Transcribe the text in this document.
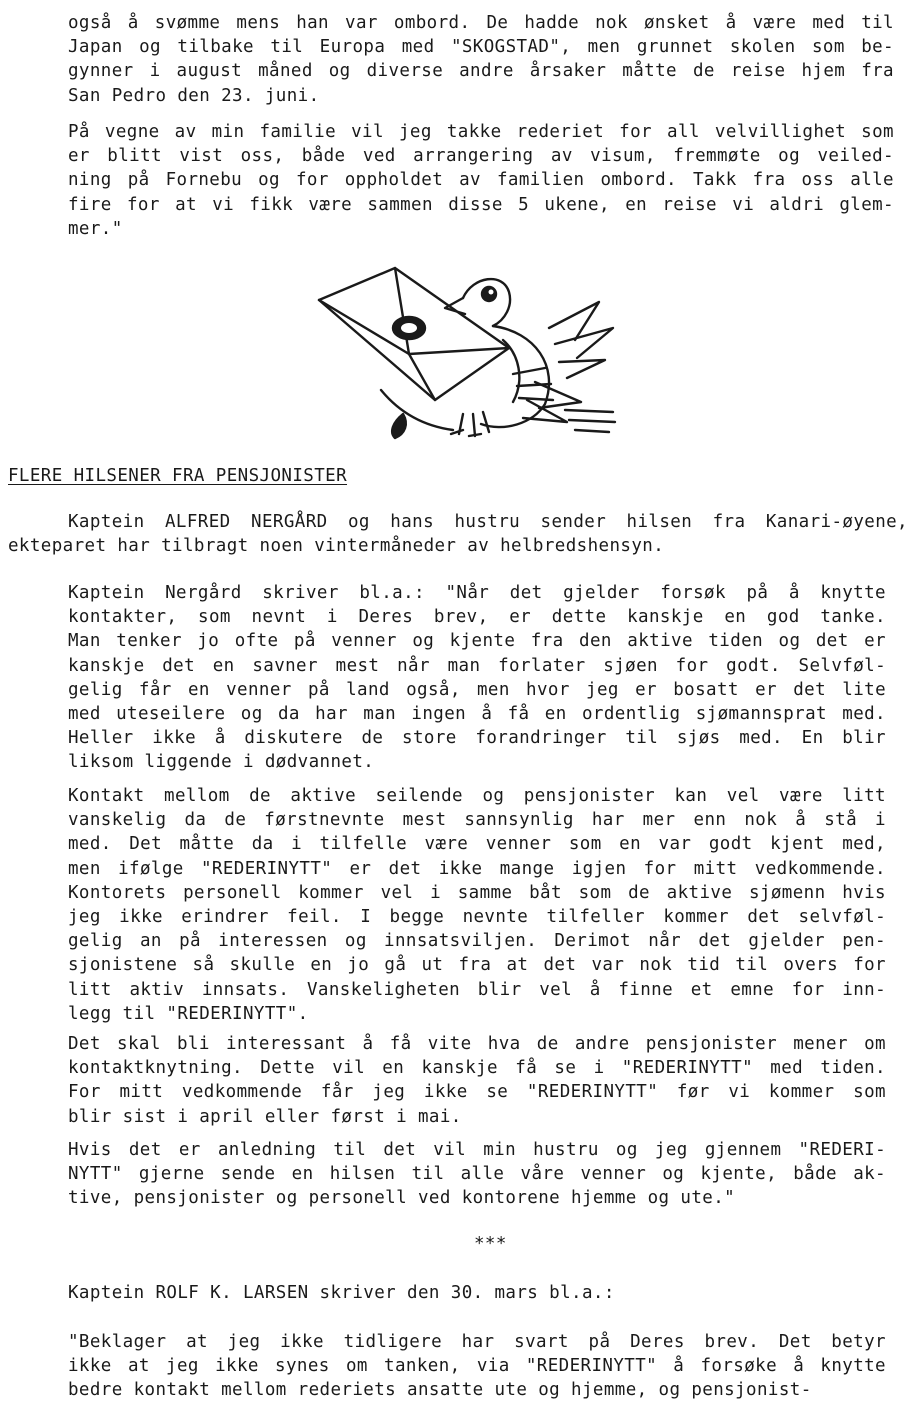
også å svømme mens han var ombord. De hadde nok ønsket å være med til
Japan og tilbake til Europa med "SKOGSTAD", men grunnet skolen som be-
gynner i august måned og diverse andre årsaker måtte de reise hjem fra
San Pedro den 23. juni.
På vegne av min familie vil jeg takke rederiet for all velvillighet som
er blitt vist oss, både ved arrangering av visum, fremmøte og veiled-
ning på Fornebu og for oppholdet av familien ombord. Takk fra oss alle
fire for at vi fikk være sammen disse 5 ukene, en reise vi aldri glem-
mer."
FLERE HILSENER FRA PENSJONISTER
Kaptein ALFRED NERGÅRD og hans hustru sender hilsen fra Kanari-øyene,
ekteparet har tilbragt noen vintermåneder av helbredshensyn.
Kaptein Nergård skriver bl.a.: "Når det gjelder forsøk på å knytte
kontakter, som nevnt i Deres brev, er dette kanskje en god tanke.
Man tenker jo ofte på venner og kjente fra den aktive tiden og det er
kanskje det en savner mest når man forlater sjøen for godt. Selvføl-
gelig får en venner på land også, men hvor jeg er bosatt er det lite
med uteseilere og da har man ingen å få en ordentlig sjømannsprat med.
Heller ikke å diskutere de store forandringer til sjøs med. En blir
liksom liggende i dødvannet.
Kontakt mellom de aktive seilende og pensjonister kan vel være litt
vanskelig da de førstnevnte mest sannsynlig har mer enn nok å stå i
med. Det måtte da i tilfelle være venner som en var godt kjent med,
men ifølge "REDERINYTT" er det ikke mange igjen for mitt vedkommende.
Kontorets personell kommer vel i samme båt som de aktive sjømenn hvis
jeg ikke erindrer feil. I begge nevnte tilfeller kommer det selvføl-
gelig an på interessen og innsatsviljen. Derimot når det gjelder pen-
sjonistene så skulle en jo gå ut fra at det var nok tid til overs for
litt aktiv innsats. Vanskeligheten blir vel å finne et emne for inn-
legg til "REDERINYTT".
Det skal bli interessant å få vite hva de andre pensjonister mener om
kontaktknytning. Dette vil en kanskje få se i "REDERINYTT" med tiden.
For mitt vedkommende får jeg ikke se "REDERINYTT" før vi kommer som
blir sist i april eller først i mai.
Hvis det er anledning til det vil min hustru og jeg gjennem "REDERI-
NYTT" gjerne sende en hilsen til alle våre venner og kjente, både ak-
tive, pensjonister og personell ved kontorene hjemme og ute."
***
Kaptein ROLF K. LARSEN skriver den 30. mars bl.a.:
"Beklager at jeg ikke tidligere har svart på Deres brev. Det betyr
ikke at jeg ikke synes om tanken, via "REDERINYTT" å forsøke å knytte
bedre kontakt mellom rederiets ansatte ute og hjemme, og pensjonist-
